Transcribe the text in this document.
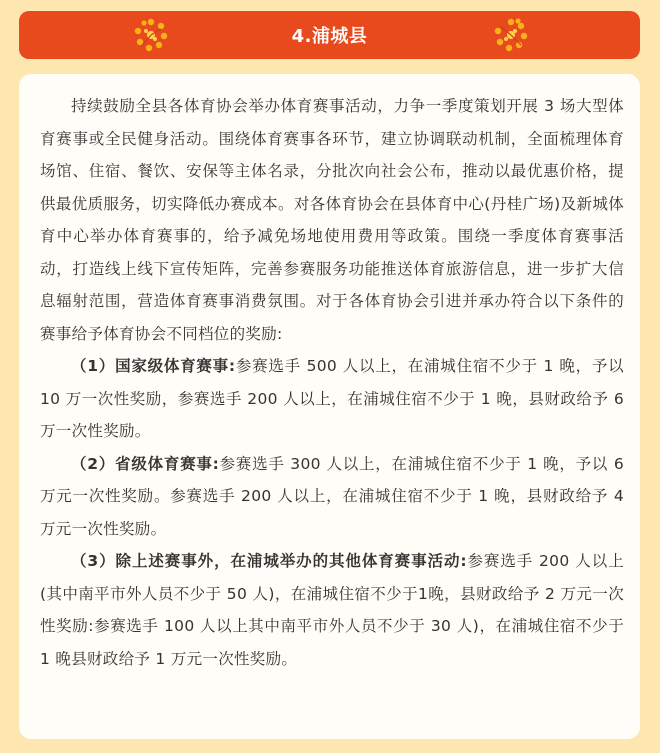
4.浦城县

持续鼓励全县各体育协会举办体育赛事活动，力争一季度策划开展 3 场大型体育赛事或全民健身活动。围绕体育赛事各环节，建立协调联动机制，全面梳理体育场馆、住宿、餐饮、安保等主体名录，分批次向社会公布，推动以最优惠价格，提供最优质服务，切实降低办赛成本。对各体育协会在县体育中心(丹桂广场)及新城体育中心举办体育赛事的，给予减免场地使用费用等政策。围绕一季度体育赛事活动，打造线上线下宣传矩阵，完善参赛服务功能推送体育旅游信息，进一步扩大信息辐射范围，营造体育赛事消费氛围。对于各体育协会引进并承办符合以下条件的赛事给予体育协会不同档位的奖励:

（1）国家级体育赛事:参赛选手 500 人以上，在浦城住宿不少于 1 晚，予以 10 万一次性奖励，参赛选手 200 人以上，在浦城住宿不少于 1 晚，县财政给予 6 万一次性奖励。

（2）省级体育赛事:参赛选手 300 人以上，在浦城住宿不少于 1 晚，予以 6 万元一次性奖励。参赛选手 200 人以上，在浦城住宿不少于 1 晚，县财政给予 4 万元一次性奖励。

（3）除上述赛事外，在浦城举办的其他体育赛事活动:参赛选手 200 人以上(其中南平市外人员不少于 50 人)，在浦城住宿不少于1晚，县财政给予 2 万元一次性奖励:参赛选手 100 人以上其中南平市外人员不少于 30 人)，在浦城住宿不少于 1 晚县财政给予 1 万元一次性奖励。
